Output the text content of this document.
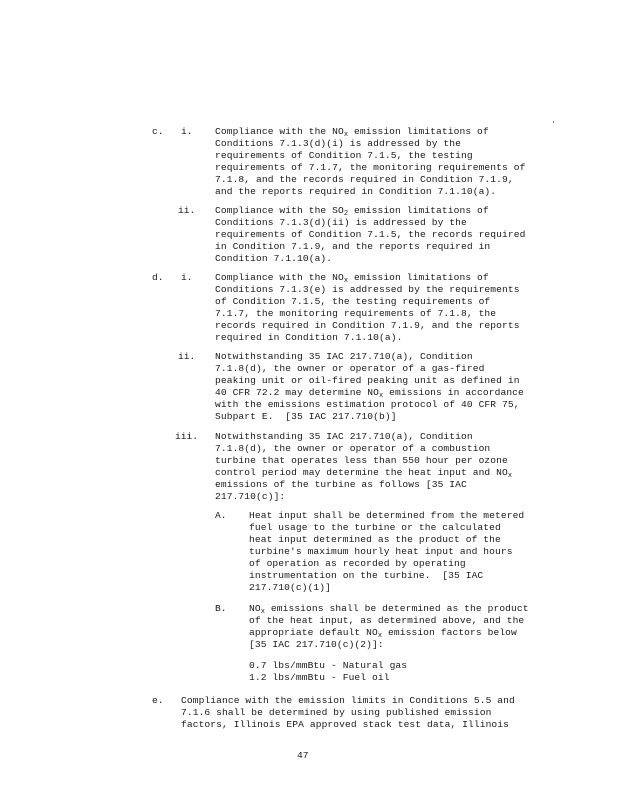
c. i. Compliance with the $NO_x$ emission limitations of
Conditions 7.1.3(d)(i) is addressed by the
requirements of Condition 7.1.5, the testing
requirements of 7.1.7, the monitoring requirements of
7.1.8, and the records required in Condition 7.1.9,
and the reports required in Condition 7.1.10(a).
ii. Compliance with the $SO_2$ emission limitations of
Conditions 7.1.3(d)(ii) is addressed by the
requirements of Condition 7.1.5, the records required
in Condition 7.1.9, and the reports required in
Condition 7.1.10(a).
d. i. Compliance with the $NO_x$ emission limitations of
Conditions 7.1.3(e) is addressed by the requirements
of Condition 7.1.5, the testing requirements of
7.1.7, the monitoring requirements of 7.1.8, the
records required in Condition 7.1.9, and the reports
required in Condition 7.1.10(a).
ii. Notwithstanding 35 IAC 217.710(a), Condition
7.1.8(d), the owner or operator of a gas-fired
peaking unit or oil-fired peaking unit as defined in
40 CFR 72.2 may determine $NO_x$ emissions in accordance
with the emissions estimation protocol of 40 CFR 75,
Subpart E.  [35 IAC 217.710(b)]
iii. Notwithstanding 35 IAC 217.710(a), Condition
7.1.8(d), the owner or operator of a combustion
turbine that operates less than 550 hour per ozone
control period may determine the heat input and $NO_x$
emissions of the turbine as follows [35 IAC
217.710(c)]:
A. Heat input shall be determined from the metered
fuel usage to the turbine or the calculated
heat input determined as the product of the
turbine's maximum hourly heat input and hours
of operation as recorded by operating
instrumentation on the turbine.  [35 IAC
217.710(c)(1)]
B. $NO_x$ emissions shall be determined as the product
of the heat input, as determined above, and the
appropriate default $NO_x$ emission factors below
[35 IAC 217.710(c)(2)]:
0.7 lbs/mmBtu - Natural gas
1.2 lbs/mmBtu - Fuel oil
e. Compliance with the emission limits in Conditions 5.5 and
7.1.6 shall be determined by using published emission
factors, Illinois EPA approved stack test data, Illinois
47
